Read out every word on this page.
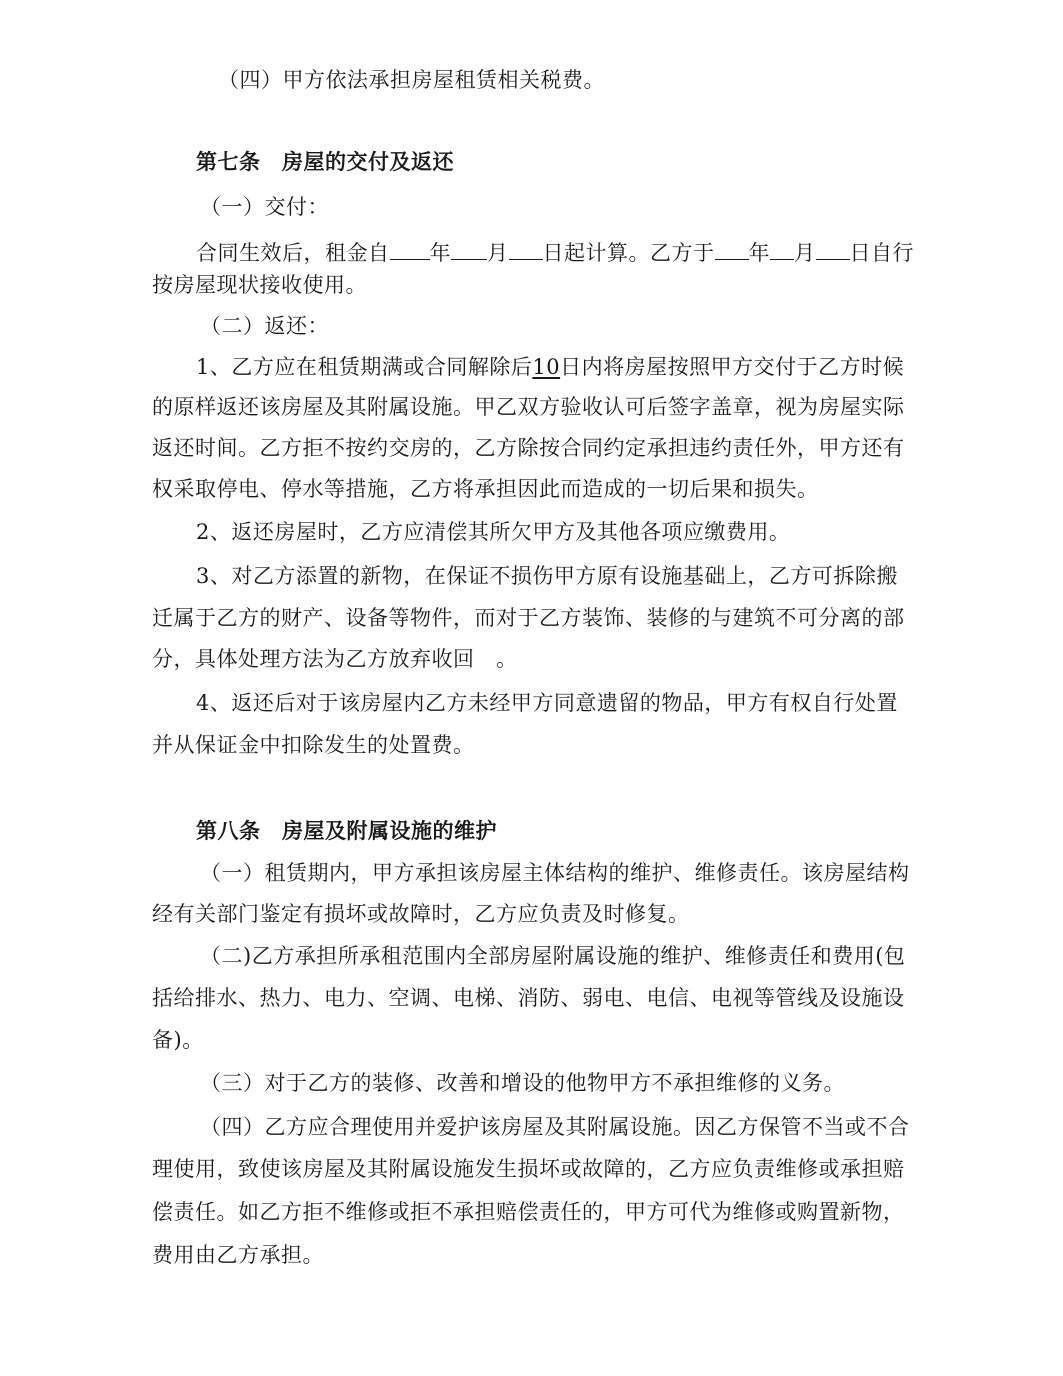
（四）甲方依法承担房屋租赁相关税费。
第七条　房屋的交付及返还
（一）交付：
合同生效后，租金自 年 月 日起计算。乙方于 年 月 日自行
按房屋现状接收使用。
（二）返还：
1、乙方应在租赁期满或合同解除后10日内将房屋按照甲方交付于乙方时候
的原样返还该房屋及其附属设施。甲乙双方验收认可后签字盖章，视为房屋实际
返还时间。乙方拒不按约交房的，乙方除按合同约定承担违约责任外，甲方还有
权采取停电、停水等措施，乙方将承担因此而造成的一切后果和损失。
2、返还房屋时，乙方应清偿其所欠甲方及其他各项应缴费用。
3、对乙方添置的新物，在保证不损伤甲方原有设施基础上，乙方可拆除搬
迁属于乙方的财产、设备等物件，而对于乙方装饰、装修的与建筑不可分离的部
分，具体处理方法为乙方放弃收回　。
4、返还后对于该房屋内乙方未经甲方同意遗留的物品，甲方有权自行处置
并从保证金中扣除发生的处置费。
第八条　房屋及附属设施的维护
（一）租赁期内，甲方承担该房屋主体结构的维护、维修责任。该房屋结构
经有关部门鉴定有损坏或故障时，乙方应负责及时修复。
（二)乙方承担所承租范围内全部房屋附属设施的维护、维修责任和费用(包
括给排水、热力、电力、空调、电梯、消防、弱电、电信、电视等管线及设施设
备)。
（三）对于乙方的装修、改善和增设的他物甲方不承担维修的义务。
（四）乙方应合理使用并爱护该房屋及其附属设施。因乙方保管不当或不合
理使用，致使该房屋及其附属设施发生损坏或故障的，乙方应负责维修或承担赔
偿责任。如乙方拒不维修或拒不承担赔偿责任的，甲方可代为维修或购置新物，
费用由乙方承担。
